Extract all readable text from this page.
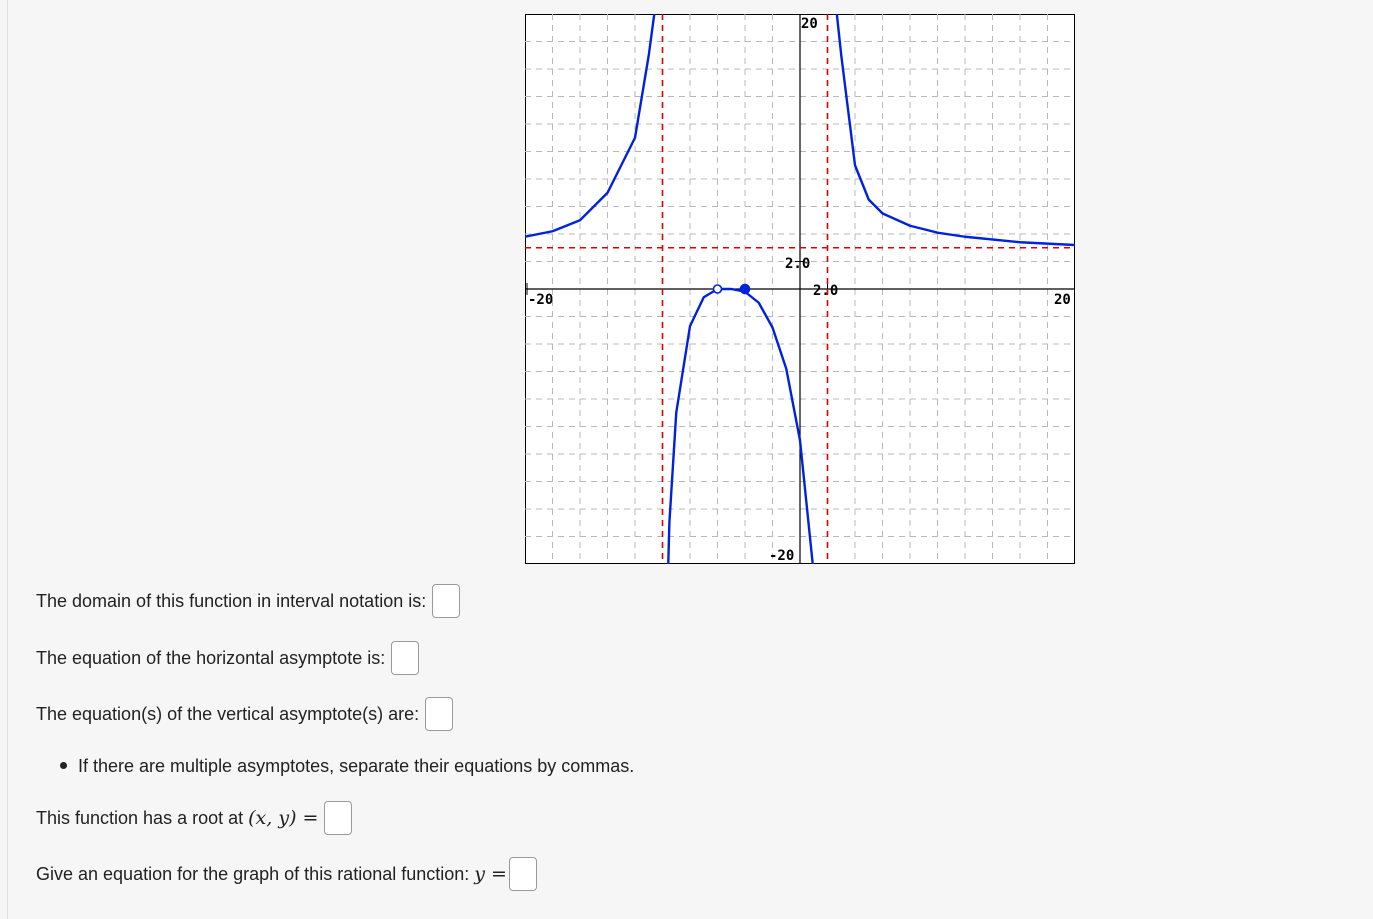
-20	20
20
-20
2.0
2.0
The domain of this function in interval notation is:
The equation of the horizontal asymptote is:
The equation(s) of the vertical asymptote(s) are:
If there are multiple asymptotes, separate their equations by commas.
This function has a root at (x, y) =
Give an equation for the graph of this rational function: y =
